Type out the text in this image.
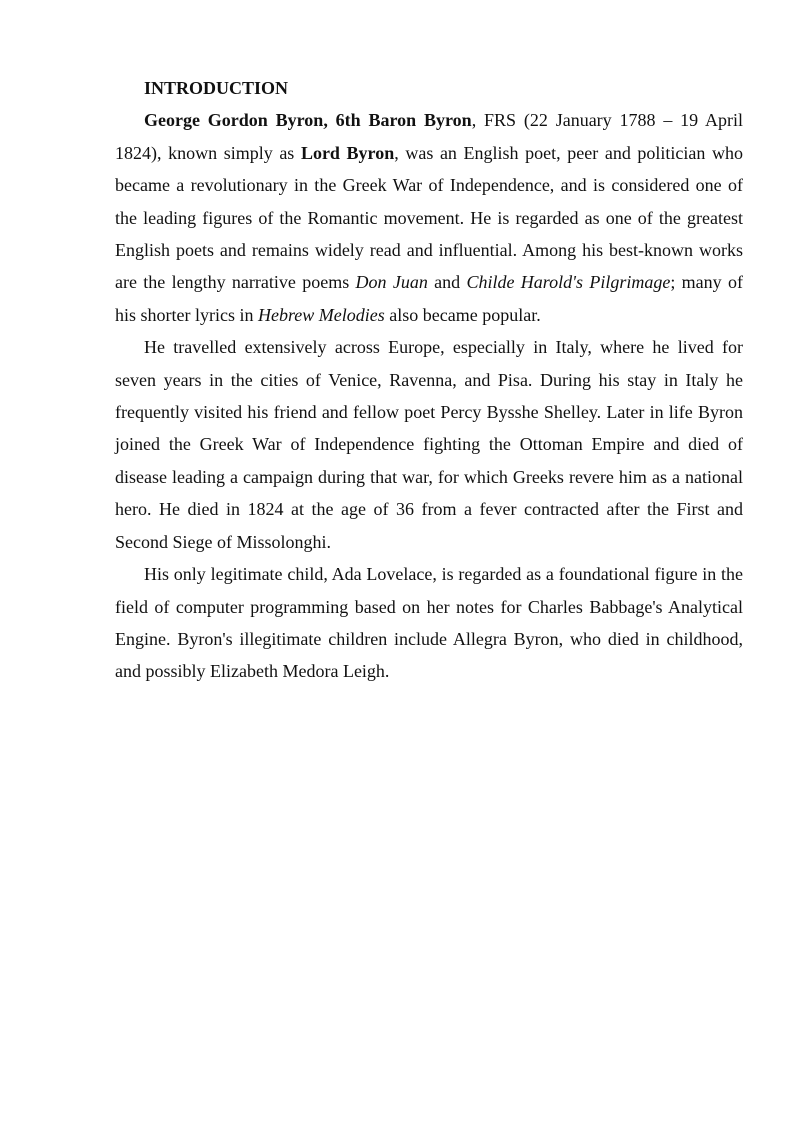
INTRODUCTION

George Gordon Byron, 6th Baron Byron, FRS (22 January 1788 – 19 April 1824), known simply as Lord Byron, was an English poet, peer and politician who became a revolutionary in the Greek War of Independence, and is considered one of the leading figures of the Romantic movement. He is regarded as one of the greatest English poets and remains widely read and influential. Among his best-known works are the lengthy narrative poems Don Juan and Childe Harold's Pilgrimage; many of his shorter lyrics in Hebrew Melodies also became popular.

He travelled extensively across Europe, especially in Italy, where he lived for seven years in the cities of Venice, Ravenna, and Pisa. During his stay in Italy he frequently visited his friend and fellow poet Percy Bysshe Shelley. Later in life Byron joined the Greek War of Independence fighting the Ottoman Empire and died of disease leading a campaign during that war, for which Greeks revere him as a national hero. He died in 1824 at the age of 36 from a fever contracted after the First and Second Siege of Missolonghi.

His only legitimate child, Ada Lovelace, is regarded as a foundational figure in the field of computer programming based on her notes for Charles Babbage's Analytical Engine. Byron's illegitimate children include Allegra Byron, who died in childhood, and possibly Elizabeth Medora Leigh.
